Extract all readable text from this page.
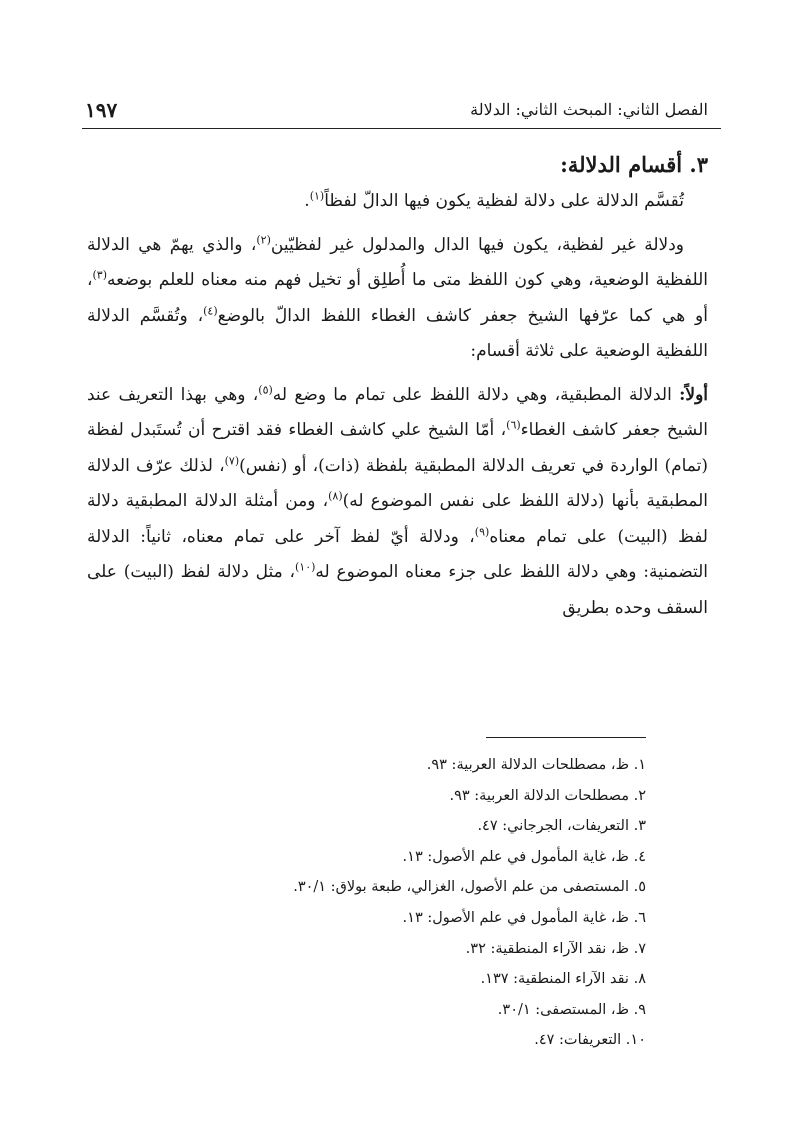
الفصل الثاني: المبحث الثاني: الدلالة
١٩٧
٣. أقسام الدلالة:

تُقسَّم الدلالة على دلالة لفظية يكون فيها الدالّ لفظاً$^{(١)}$.

ودلالة غير لفظية، يكون فيها الدال والمدلول غير لفظيّين$^{(٢)}$، والذي يهمّ هي الدلالة اللفظية الوضعية، وهي كون اللفظ متى ما أُطلِق أو تخيل فهم منه معناه للعلم بوضعه$^{(٣)}$، أو هي كما عرّفها الشيخ جعفر كاشف الغطاء اللفظ الدالّ بالوضع$^{(٤)}$، وتُقسَّم الدلالة اللفظية الوضعية على ثلاثة أقسام:

أولاً: الدلالة المطبقية، وهي دلالة اللفظ على تمام ما وضع له$^{(٥)}$، وهي بهذا التعريف عند الشيخ جعفر كاشف الغطاء$^{(٦)}$، أمّا الشيخ علي كاشف الغطاء فقد اقترح أن تُستَبدل لفظة (تمام) الواردة في تعريف الدلالة المطبقية بلفظة (ذات)، أو (نفس)$^{(٧)}$، لذلك عرّف الدلالة المطبقية بأنها (دلالة اللفظ على نفس الموضوع له)$^{(٨)}$، ومن أمثلة الدلالة المطبقية دلالة لفظ (البيت) على تمام معناه$^{(٩)}$، ودلالة أيّ لفظ آخر على تمام معناه، ثانياً: الدلالة التضمنية: وهي دلالة اللفظ على جزء معناه الموضوع له$^{(١٠)}$، مثل دلالة لفظ (البيت) على السقف وحده بطريق

١. ظ، مصطلحات الدلالة العربية: ٩٣.
٢. مصطلحات الدلالة العربية: ٩٣.
٣. التعريفات، الجرجاني: ٤٧.
٤. ظ، غاية المأمول في علم الأصول: ١٣.
٥. المستصفى من علم الأصول، الغزالي، طبعة بولاق: ٣٠/١.
٦. ظ، غاية المأمول في علم الأصول: ١٣.
٧. ظ، نقد الآراء المنطقية: ٣٢.
٨. نقد الآراء المنطقية: ١٣٧.
٩. ظ، المستصفى: ٣٠/١.
١٠. التعريفات: ٤٧.
